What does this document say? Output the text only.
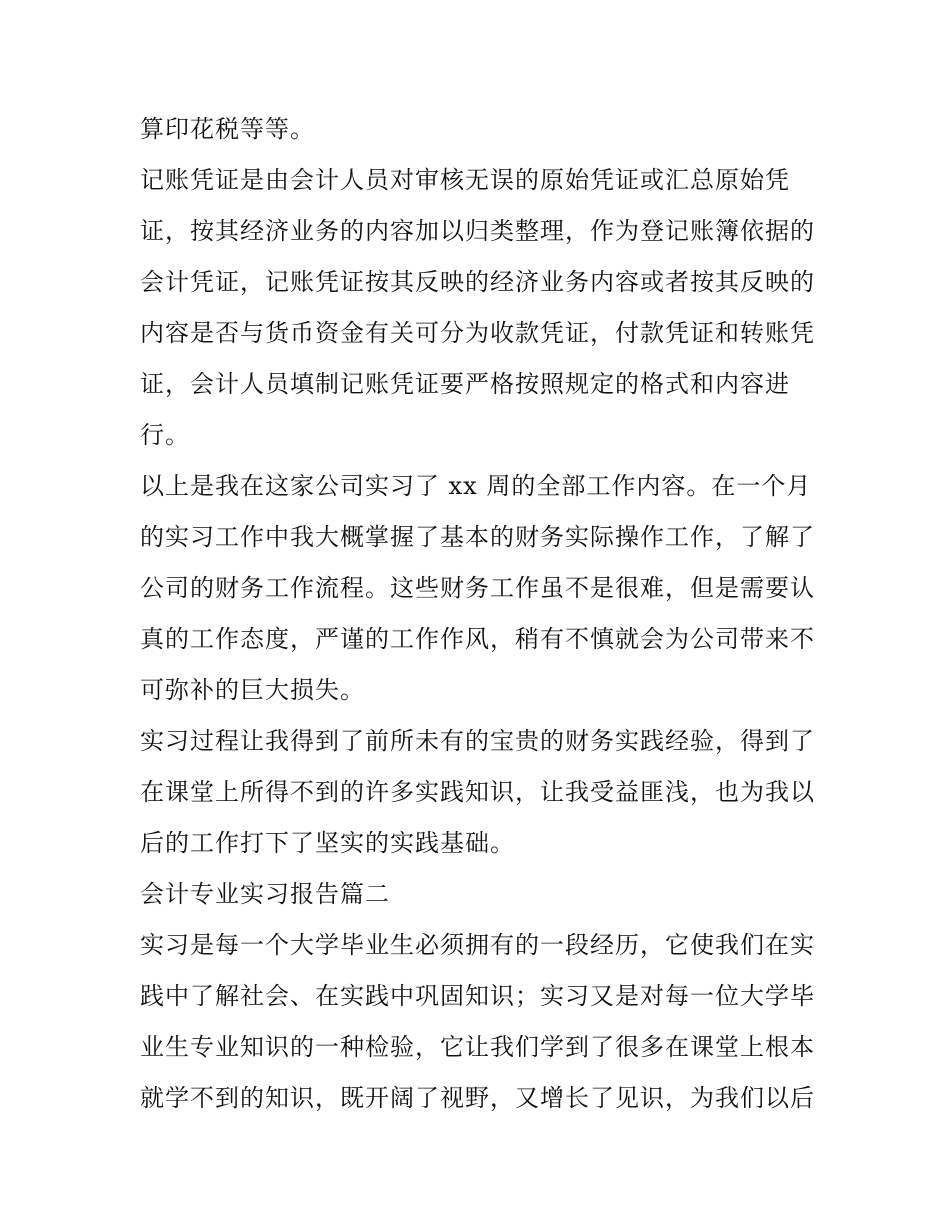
算印花税等等。
记账凭证是由会计人员对审核无误的原始凭证或汇总原始凭
证，按其经济业务的内容加以归类整理，作为登记账簿依据的
会计凭证，记账凭证按其反映的经济业务内容或者按其反映的
内容是否与货币资金有关可分为收款凭证，付款凭证和转账凭
证，会计人员填制记账凭证要严格按照规定的格式和内容进
行。
以上是我在这家公司实习了 xx 周的全部工作内容。在一个月
的实习工作中我大概掌握了基本的财务实际操作工作，了解了
公司的财务工作流程。这些财务工作虽不是很难，但是需要认
真的工作态度，严谨的工作作风，稍有不慎就会为公司带来不
可弥补的巨大损失。
实习过程让我得到了前所未有的宝贵的财务实践经验，得到了
在课堂上所得不到的许多实践知识，让我受益匪浅，也为我以
后的工作打下了坚实的实践基础。
会计专业实习报告篇二
实习是每一个大学毕业生必须拥有的一段经历，它使我们在实
践中了解社会、在实践中巩固知识；实习又是对每一位大学毕
业生专业知识的一种检验，它让我们学到了很多在课堂上根本
就学不到的知识，既开阔了视野，又增长了见识，为我们以后
